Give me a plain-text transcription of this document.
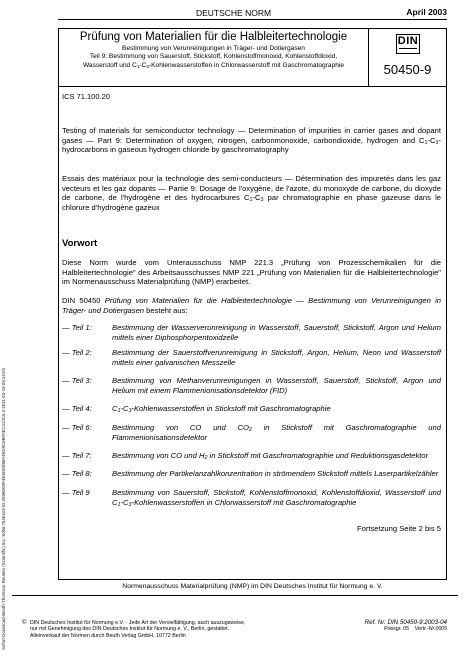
DEUTSCHE NORM	April 2003
Prüfung von Materialien für die Halbleitertechnologie
Bestimmung von Verunreinigungen in Träger- und Dotiergasen
Teil 9: Bestimmung von Sauerstoff, Stickstoff, Kohlenstoffmonoxid, Kohlenstoffdioxid,
Wasserstoff und $C_1-C_3$-Kohlenwasserstoffen in Chlorwasserstoff mit Gaschromatographie
DIN
50450-9
ICS 71.100.20
Testing of materials for semiconductor technology — Determination of impurities in carrier gases and dopant gases — Part 9: Determination of oxygen, nitrogen, carbonmonoxide, carbondioxide, hydrogen and $C_1-C_3$-hydrocarbons in gaseous hydrogen chloride by gaschromatography
Essais des matériaux pour la technologie des semi-conducteurs — Détermination des impuretés dans les gaz vecteurs et les gaz dopants — Partie 9: Dosage de l'oxygène, de l'azote, du monoxyde de carbone, du dioxyde de carbone, de l'hydrogène et des hydrocarbures $C_1-C_3$ par chromatographie en phase gazeuse dans le chlorure d'hydrogène gazeux
Vorwort
Diese Norm wurde vom Unterausschuss NMP 221.3 „Prüfung von Prozesschemikalien für die Halbleitertechnologie" des Arbeitsausschusses NMP 221 „Prüfung von Materialien für die Halbleitertechnologie" im Normenausschuss Materialprüfung (NMP) erarbeitet.
DIN 50450 Prüfung von Materialien für die Halbleitertechnologie — Bestimmung von Verunreinigungen in Träger- und Dotiergasen besteht aus:
— Teil 1:	Bestimmung der Wasserverunreinigung in Wasserstoff, Sauerstoff, Stickstoff, Argon und Helium mittels einer Diphosphorpentoxidzelle
— Teil 2:	Bestimmung der Sauerstoffverunreinigung in Stickstoff, Argon, Helium, Neon und Wasserstoff mittels einer galvanischen Messzelle
— Teil 3:	Bestimmung von Methanverunreinigungen in Wasserstoff, Sauerstoff, Stickstoff, Argon und Helium mit einem Flammenionisationsdetektor (FID)
— Teil 4:	$C_1-C_3$-Kohlenwasserstoffen in Stickstoff mit Gaschromatographie
— Teil 6:	Bestimmung von CO und $CO_2$ in Stickstoff mit Gaschromatographie und Flammenionisationsdetektor
— Teil 7:	Bestimmung von CO und $H_2$ in Stickstoff mit Gaschromatographie und Reduktionsgasdetektor
— Teil 8:	Bestimmung der Partikelanzahlkonzentration in strömendem Stickstoff mittels Laserpartikelzähler
— Teil 9	Bestimmung von Sauerstoff, Stickstoff, Kohlenstoffmonoxid, Kohlenstoffdioxid, Wasserstoff und $C_1-C_3$-Kohlenwasserstoffen in Chlorwasserstoff mit Gaschromatographie
Fortsetzung Seite 2 bis 5
Normenausschuss Materialprüfung (NMP) im DIN Deutsches Institut für Normung e. V.
© DIN Deutsches Institut für Normung e.V. · Jede Art der Vervielfältigung, auch auszugsweise,
nur mit Genehmigung des DIN Deutsches Institut für Normung e. V., Berlin, gestattet.
Alleinverkauf der Normen durch Beuth Verlag GmbH, 10772 Berlin
Ref. Nr. DIN 50450-9:2003-04
Preisgr. 05 Vertr.-Nr.0005
Sofort-Download-Beuth-Thomson Reuters (Scientific) Inc.-KdNr.7546103-ID.3998D09F4E6DE086F4ED9C8BF0EC113C5.2-2011-03-18 06:24:03
